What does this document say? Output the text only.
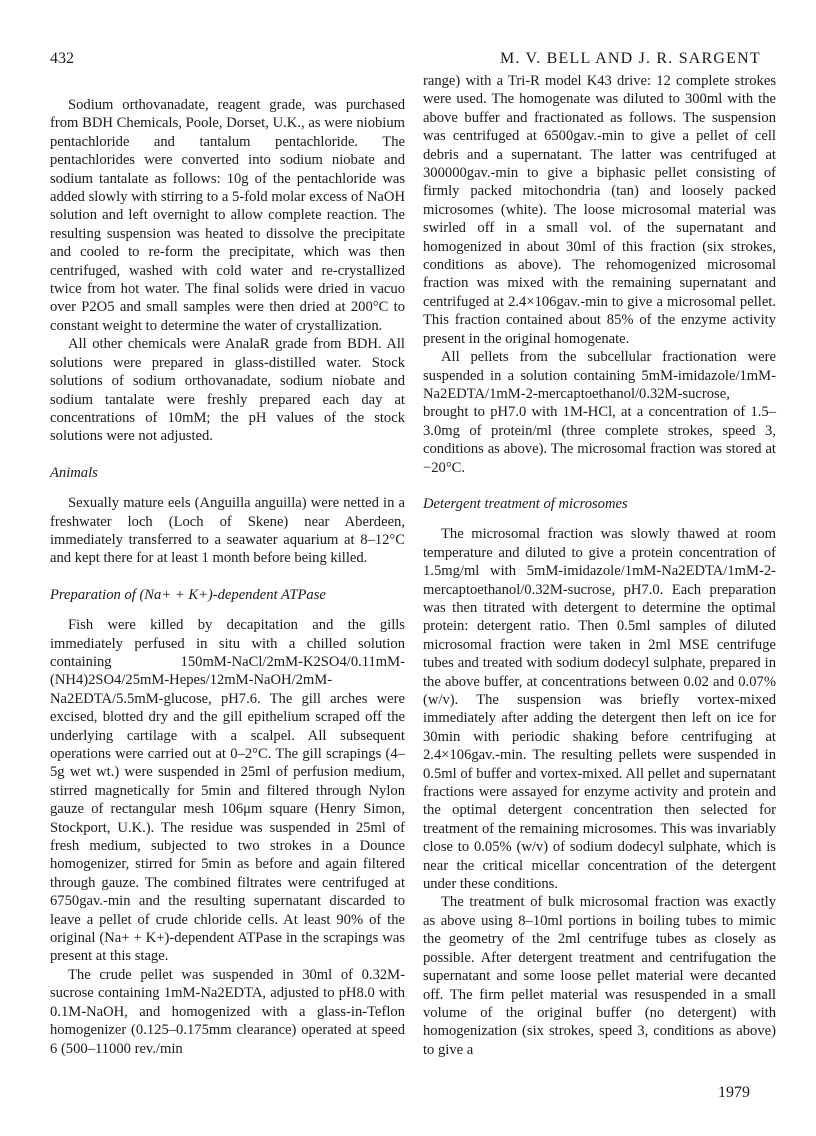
432	M. V. BELL AND J. R. SARGENT

Sodium orthovanadate, reagent grade, was purchased from BDH Chemicals, Poole, Dorset, U.K., as were niobium pentachloride and tantalum pentachloride. The pentachlorides were converted into sodium niobate and sodium tantalate as follows: 10g of the pentachloride was added slowly with stirring to a 5-fold molar excess of NaOH solution and left overnight to allow complete reaction. The resulting suspension was heated to dissolve the precipitate and cooled to re-form the precipitate, which was then centrifuged, washed with cold water and re-crystallized twice from hot water. The final solids were dried in vacuo over P2O5 and small samples were then dried at 200°C to constant weight to determine the water of crystallization.

All other chemicals were AnalaR grade from BDH. All solutions were prepared in glass-distilled water. Stock solutions of sodium orthovanadate, sodium niobate and sodium tantalate were freshly prepared each day at concentrations of 10mM; the pH values of the stock solutions were not adjusted.

Animals

Sexually mature eels (Anguilla anguilla) were netted in a freshwater loch (Loch of Skene) near Aberdeen, immediately transferred to a seawater aquarium at 8–12°C and kept there for at least 1 month before being killed.

Preparation of (Na+ + K+)-dependent ATPase

Fish were killed by decapitation and the gills immediately perfused in situ with a chilled solution containing 150mM-NaCl/2mM-K2SO4/0.11mM-(NH4)2SO4/25mM-Hepes/12mM-NaOH/2mM-Na2EDTA/5.5mM-glucose, pH7.6. The gill arches were excised, blotted dry and the gill epithelium scraped off the underlying cartilage with a scalpel. All subsequent operations were carried out at 0–2°C. The gill scrapings (4–5g wet wt.) were suspended in 25ml of perfusion medium, stirred magnetically for 5min and filtered through Nylon gauze of rectangular mesh 106μm square (Henry Simon, Stockport, U.K.). The residue was suspended in 25ml of fresh medium, subjected to two strokes in a Dounce homogenizer, stirred for 5min as before and again filtered through gauze. The combined filtrates were centrifuged at 6750gav.-min and the resulting supernatant discarded to leave a pellet of crude chloride cells. At least 90% of the original (Na+ + K+)-dependent ATPase in the scrapings was present at this stage.

The crude pellet was suspended in 30ml of 0.32M-sucrose containing 1mM-Na2EDTA, adjusted to pH8.0 with 0.1M-NaOH, and homogenized with a glass-in-Teflon homogenizer (0.125–0.175mm clearance) operated at speed 6 (500–11000 rev./min

range) with a Tri-R model K43 drive: 12 complete strokes were used. The homogenate was diluted to 300ml with the above buffer and fractionated as follows. The suspension was centrifuged at 6500gav.-min to give a pellet of cell debris and a supernatant. The latter was centrifuged at 300000gav.-min to give a biphasic pellet consisting of firmly packed mitochondria (tan) and loosely packed microsomes (white). The loose microsomal material was swirled off in a small vol. of the supernatant and homogenized in about 30ml of this fraction (six strokes, conditions as above). The rehomogenized microsomal fraction was mixed with the remaining supernatant and centrifuged at 2.4×106gav.-min to give a microsomal pellet. This fraction contained about 85% of the enzyme activity present in the original homogenate.

All pellets from the subcellular fractionation were suspended in a solution containing 5mM-imidazole/1mM-Na2EDTA/1mM-2-mercaptoethanol/0.32M-sucrose, brought to pH7.0 with 1M-HCl, at a concentration of 1.5–3.0mg of protein/ml (three complete strokes, speed 3, conditions as above). The microsomal fraction was stored at −20°C.

Detergent treatment of microsomes

The microsomal fraction was slowly thawed at room temperature and diluted to give a protein concentration of 1.5mg/ml with 5mM-imidazole/1mM-Na2EDTA/1mM-2-mercaptoethanol/0.32M-sucrose, pH7.0. Each preparation was then titrated with detergent to determine the optimal protein: detergent ratio. Then 0.5ml samples of diluted microsomal fraction were taken in 2ml MSE centrifuge tubes and treated with sodium dodecyl sulphate, prepared in the above buffer, at concentrations between 0.02 and 0.07% (w/v). The suspension was briefly vortex-mixed immediately after adding the detergent then left on ice for 30min with periodic shaking before centrifuging at 2.4×106gav.-min. The resulting pellets were suspended in 0.5ml of buffer and vortex-mixed. All pellet and supernatant fractions were assayed for enzyme activity and protein and the optimal detergent concentration then selected for treatment of the remaining microsomes. This was invariably close to 0.05% (w/v) of sodium dodecyl sulphate, which is near the critical micellar concentration of the detergent under these conditions.

The treatment of bulk microsomal fraction was exactly as above using 8–10ml portions in boiling tubes to mimic the geometry of the 2ml centrifuge tubes as closely as possible. After detergent treatment and centrifugation the supernatant and some loose pellet material were decanted off. The firm pellet material was resuspended in a small volume of the original buffer (no detergent) with homogenization (six strokes, speed 3, conditions as above) to give a

1979
